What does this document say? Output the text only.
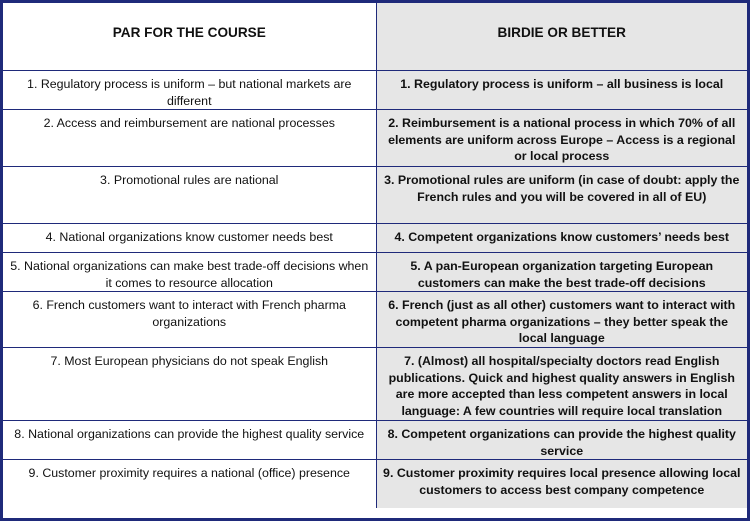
PAR FOR THE COURSE	BIRDIE OR BETTER
1. Regulatory process is uniform – but national markets are different	1. Regulatory process is uniform – all business is local
2. Access and reimbursement are national processes	2. Reimbursement is a national process in which 70% of all elements are uniform across Europe – Access is a regional or local process
3. Promotional rules are national	3. Promotional rules are uniform (in case of doubt: apply the French rules and you will be covered in all of EU)
4. National organizations know customer needs best	4. Competent organizations know customers’ needs best
5. National organizations can make best trade-off decisions when it comes to resource allocation	5. A pan-European organization targeting European customers can make the best trade-off decisions
6. French customers want to interact with French pharma organizations	6. French (just as all other) customers want to interact with competent pharma organizations – they better speak the local language
7. Most European physicians do not speak English	7. (Almost) all hospital/specialty doctors read English publications. Quick and highest quality answers in English are more accepted than less competent answers in local language: A few countries will require local translation
8. National organizations can provide the highest quality service	8. Competent organizations can provide the highest quality service
9. Customer proximity requires a national (office) presence	9. Customer proximity requires local presence allowing local customers to access best company competence
